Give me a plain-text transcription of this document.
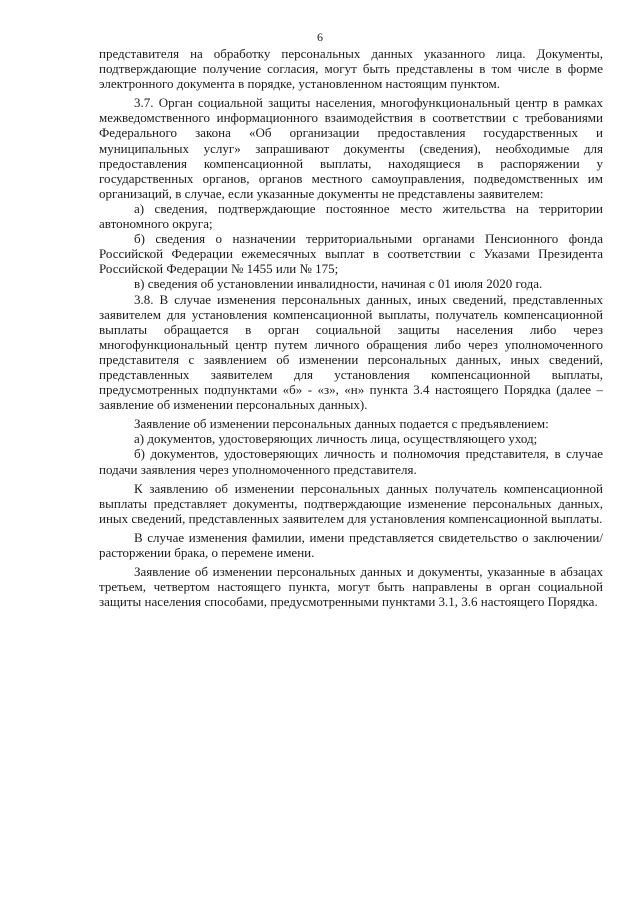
6

представителя на обработку персональных данных указанного лица. Документы, подтверждающие получение согласия, могут быть представлены в том числе в форме электронного документа в порядке, установленном настоящим пунктом.

3.7. Орган социальной защиты населения, многофункциональный центр в рамках межведомственного информационного взаимодействия в соответствии с требованиями Федерального закона «Об организации предоставления государственных и муниципальных услуг» запрашивают документы (сведения), необходимые для предоставления компенсационной выплаты, находящиеся в распоряжении у государственных органов, органов местного самоуправления, подведомственных им организаций, в случае, если указанные документы не представлены заявителем:

а) сведения, подтверждающие постоянное место жительства на территории автономного округа;

б) сведения о назначении территориальными органами Пенсионного фонда Российской Федерации ежемесячных выплат в соответствии с Указами Президента Российской Федерации № 1455 или № 175;

в) сведения об установлении инвалидности, начиная с 01 июля 2020 года.

3.8. В случае изменения персональных данных, иных сведений, представленных заявителем для установления компенсационной выплаты, получатель компенсационной выплаты обращается в орган социальной защиты населения либо через многофункциональный центр путем личного обращения либо через уполномоченного представителя с заявлением об изменении персональных данных, иных сведений, представленных заявителем для установления компенсационной выплаты, предусмотренных подпунктами «б» - «з», «н» пункта 3.4 настоящего Порядка (далее – заявление об изменении персональных данных).

Заявление об изменении персональных данных подается с предъявлением:

а) документов, удостоверяющих личность лица, осуществляющего уход;

б) документов, удостоверяющих личность и полномочия представителя, в случае подачи заявления через уполномоченного представителя.

К заявлению об изменении персональных данных получатель компенсационной выплаты представляет документы, подтверждающие изменение персональных данных, иных сведений, представленных заявителем для установления компенсационной выплаты.

В случае изменения фамилии, имени представляется свидетельство о заключении/расторжении брака, о перемене имени.

Заявление об изменении персональных данных и документы, указанные в абзацах третьем, четвертом настоящего пункта, могут быть направлены в орган социальной защиты населения способами, предусмотренными пунктами 3.1, 3.6 настоящего Порядка.
